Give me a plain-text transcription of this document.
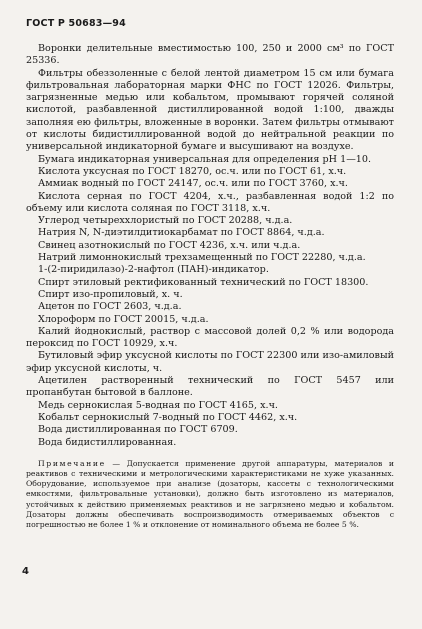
ГОСТ Р 50683—94

Воронки делительные вместимостью 100, 250 и 2000 см³ по ГОСТ 25336.

Фильтры обеззоленные с белой лентой диаметром 15 см или бумага фильтровальная лабораторная марки ФНС по ГОСТ 12026. Фильтры, загрязненные медью или кобальтом, промывают горячей соляной кислотой, разбавленной дистиллированной водой 1:100, дважды заполняя ею фильтры, вложенные в воронки. Затем фильтры отмывают от кислоты бидистиллированной водой до нейтральной реакции по универсальной индикаторной бумаге и высушивают на воздухе.

Бумага индикаторная универсальная для определения рН 1—10.

Кислота уксусная по ГОСТ 18270, ос.ч. или по ГОСТ 61, х.ч.

Аммиак водный по ГОСТ 24147, ос.ч. или по ГОСТ 3760, х.ч.

Кислота серная по ГОСТ 4204, х.ч., разбавленная водой 1:2 по объему или кислота соляная по ГОСТ 3118, х.ч.

Углерод четыреххлористый по ГОСТ 20288, ч.д.а.

Натрия N, N-диэтилдитиокарбамат по ГОСТ 8864, ч.д.а.

Свинец азотнокислый по ГОСТ 4236, х.ч. или ч.д.а.

Натрий лимоннокислый трехзамещенный по ГОСТ 22280, ч.д.а.

1-(2-пиридилазо)-2-нафтол (ПАН)-индикатор.

Спирт этиловый ректификованный технический по ГОСТ 18300.

Спирт изо-пропиловый, х. ч.

Ацетон по ГОСТ 2603, ч.д.а.

Хлороформ по ГОСТ 20015, ч.д.а.

Калий йоднокислый, раствор с массовой долей 0,2 % или водорода пероксид по ГОСТ 10929, х.ч.

Бутиловый эфир уксусной кислоты по ГОСТ 22300 или изо-амиловый эфир уксусной кислоты, ч.

Ацетилен растворенный технический по ГОСТ 5457 или пропанбутан бытовой в баллоне.

Медь сернокислая 5-водная по ГОСТ 4165, х.ч.

Кобальт сернокислый 7-водный по ГОСТ 4462, х.ч.

Вода дистиллированная по ГОСТ 6709.

Вода бидистиллированная.

Примечание — Допускается применение другой аппаратуры, материалов и реактивов с техническими и метрологическими характеристиками не хуже указанных. Оборудование, используемое при анализе (дозаторы, кассеты с технологическими емкостями, фильтровальные установки), должно быть изготовлено из материалов, устойчивых к действию применяемых реактивов и не загрязнено медью и кобальтом. Дозаторы должны обеспечивать воспроизводимость отмериваемых объектов с погрешностью не более 1 % и отклонение от номинального объема не более 5 %.
4
